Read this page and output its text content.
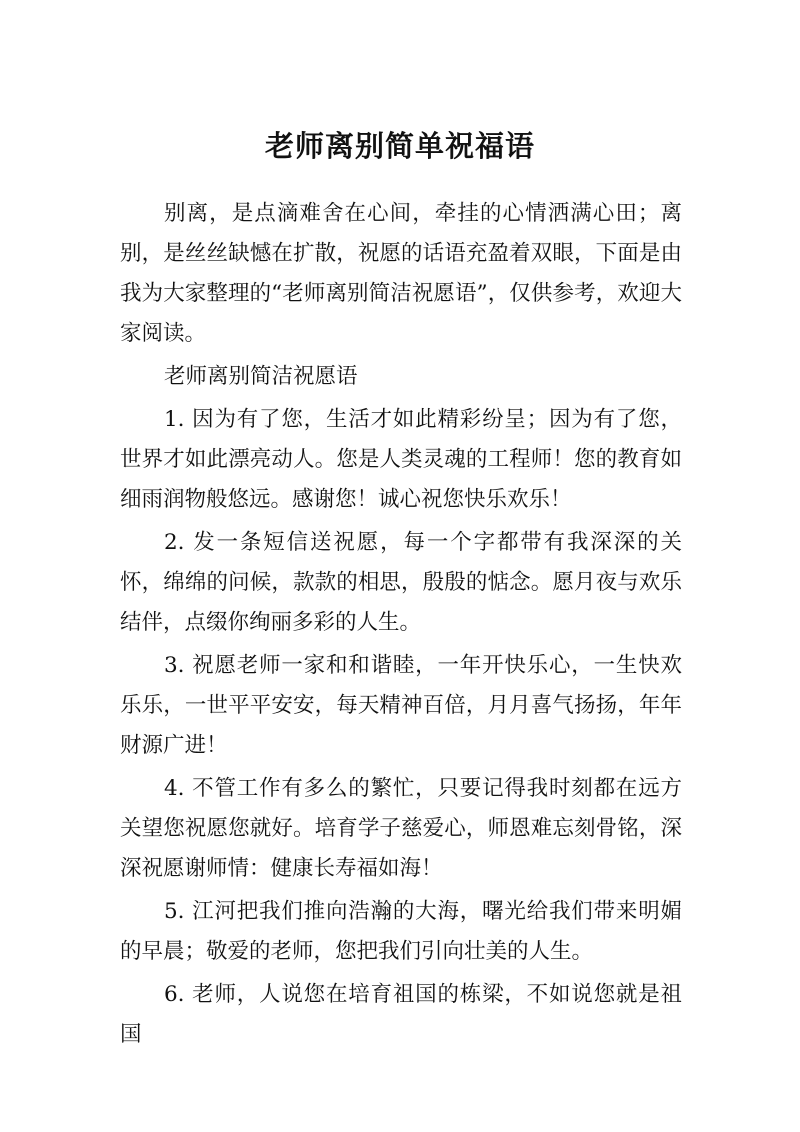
老师离别简单祝福语

别离，是点滴难舍在心间，牵挂的心情洒满心田；离别，是丝丝缺憾在扩散，祝愿的话语充盈着双眼，下面是由我为大家整理的“老师离别简洁祝愿语”，仅供参考，欢迎大家阅读。

老师离别简洁祝愿语

1. 因为有了您，生活才如此精彩纷呈；因为有了您，世界才如此漂亮动人。您是人类灵魂的工程师！您的教育如细雨润物般悠远。感谢您！诚心祝您快乐欢乐！

2. 发一条短信送祝愿，每一个字都带有我深深的关怀，绵绵的问候，款款的相思，殷殷的惦念。愿月夜与欢乐结伴，点缀你绚丽多彩的人生。

3. 祝愿老师一家和和谐睦，一年开快乐心，一生快欢乐乐，一世平平安安，每天精神百倍，月月喜气扬扬，年年财源广进！

4. 不管工作有多么的繁忙，只要记得我时刻都在远方关望您祝愿您就好。培育学子慈爱心，师恩难忘刻骨铭，深深祝愿谢师情：健康长寿福如海！

5. 江河把我们推向浩瀚的大海，曙光给我们带来明媚的早晨；敬爱的老师，您把我们引向壮美的人生。

6. 老师，人说您在培育祖国的栋梁，不如说您就是祖国
